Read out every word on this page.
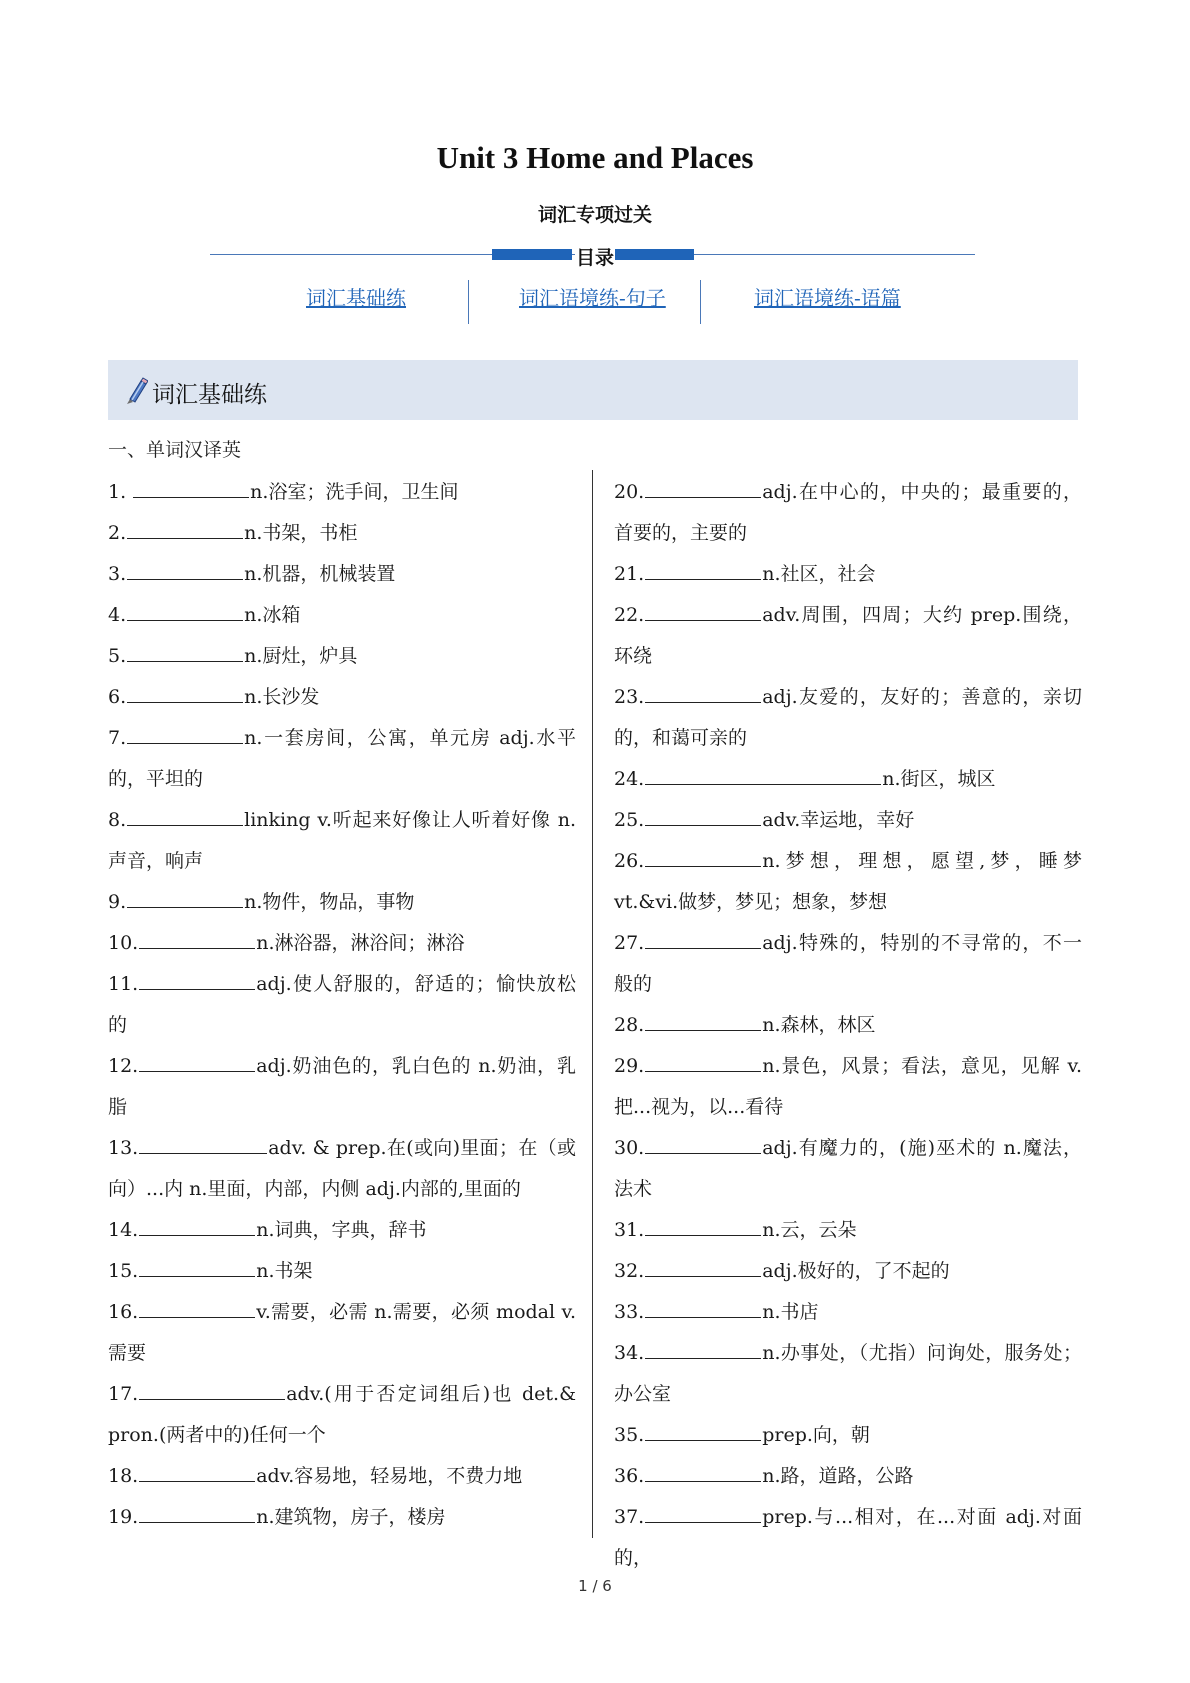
Unit 3 Home and Places
词汇专项过关
目录
词汇基础练	词汇语境练-句子	词汇语境练-语篇
词汇基础练
一、单词汉译英
1.	n.浴室；洗手间，卫生间
2.	n.书架，书柜
3.	n.机器，机械装置
4.	n.冰箱
5.	n.厨灶，炉具
6.	n.长沙发
7.	n.一套房间，公寓，单元房 adj.水平的，平坦的
8.	linking v.听起来好像让人听着好像 n.声音，响声
9.	n.物件，物品，事物
10.	n.淋浴器，淋浴间；淋浴
11.	adj.使人舒服的，舒适的；愉快放松的
12.	adj.奶油色的，乳白色的 n.奶油，乳脂
13.	adv. & prep.在(或向)里面；在（或向）...内 n.里面，内部，内侧 adj.内部的,里面的
14.	n.词典，字典，辞书
15.	n.书架
16.	v.需要，必需 n.需要，必须 modal v.需要
17.	adv.(用于否定词组后)也 det.& pron.(两者中的)任何一个
18.	adv.容易地，轻易地，不费力地
19.	n.建筑物，房子，楼房
20.	adj.在中心的，中央的；最重要的，首要的，主要的
21.	n.社区，社会
22.	adv.周围，四周；大约 prep.围绕，环绕
23.	adj.友爱的，友好的；善意的，亲切的，和蔼可亲的
24.	n.街区，城区
25.	adv.幸运地，幸好
26.	n.梦想，理想，愿望,梦，睡梦 vt.&vi.做梦，梦见；想象，梦想
27.	adj.特殊的，特别的不寻常的，不一般的
28.	n.森林，林区
29.	n.景色，风景；看法，意见，见解 v.把...视为，以...看待
30.	adj.有魔力的，(施)巫术的 n.魔法，法术
31.	n.云，云朵
32.	adj.极好的，了不起的
33.	n.书店
34.	n.办事处，（尤指）问询处，服务处；办公室
35.	prep.向，朝
36.	n.路，道路，公路
37.	prep.与...相对，在...对面 adj.对面的，
1 / 6
